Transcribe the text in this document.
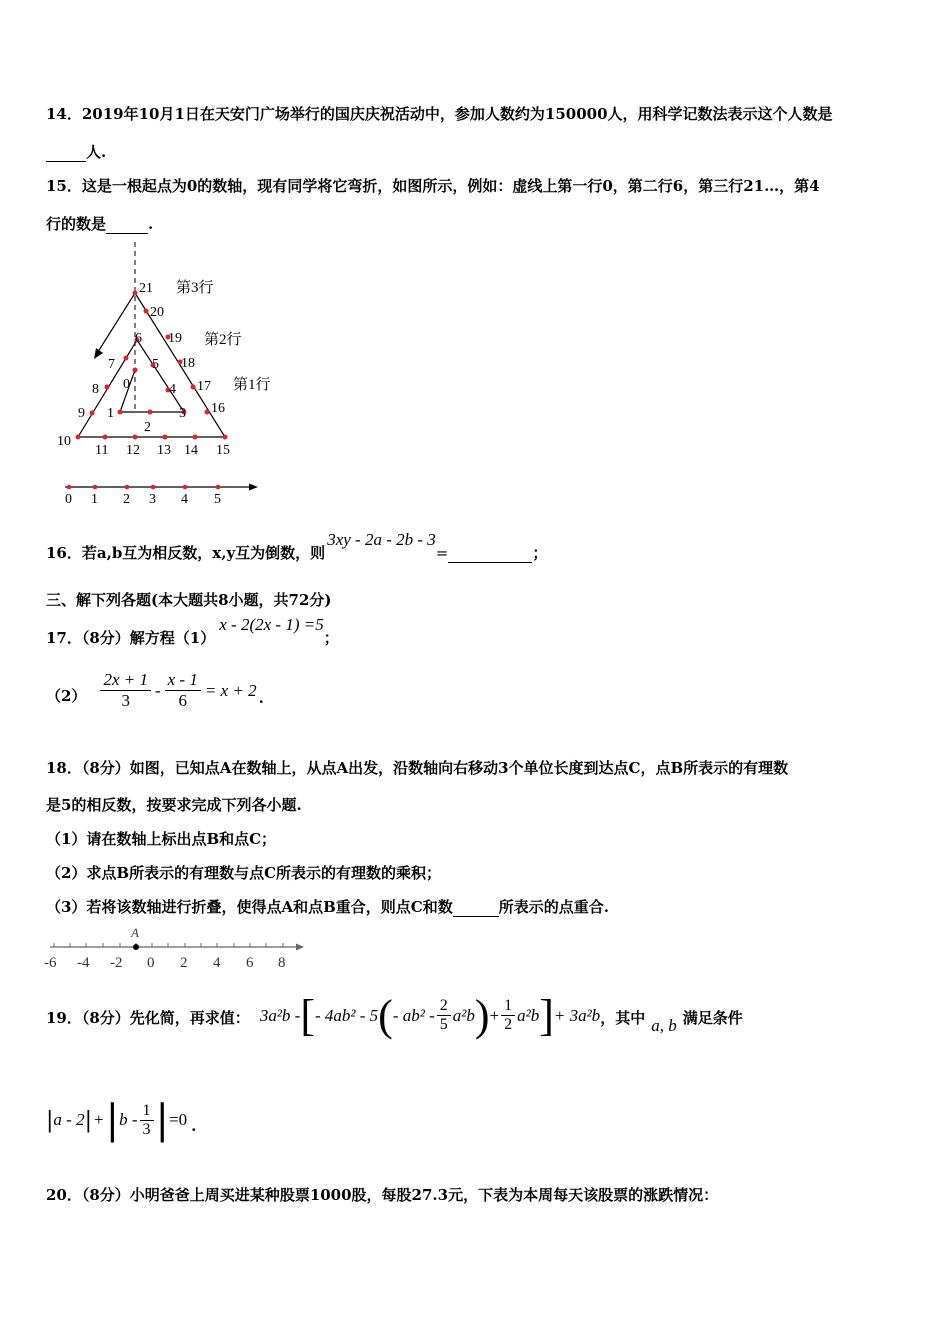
14．2019年10月1日在天安门广场举行的国庆庆祝活动中，参加人数约为150000人，用科学记数法表示这个人数是
人.
15．这是一根起点为0的数轴，现有同学将它弯折，如图所示，例如：虚线上第一行0，第二行6，第三行21…，第4
行的数是	.
21
20
6 19
18
7	5
0	4 17
8
9 1	3 16
2
10
11 12 13 14 15
第3行
第2行
第1行
0 1 2 3 4 5
16．若a,b互为相反数，x,y互为倒数，则3xy - 2a - 2b - 3=	；
三、解下列各题(本大题共8小题，共72分)
17．（8分）解方程（1）x - 2(2x - 1) =5；
$(2) \frac{2x + 1}{3} - \frac{x - 1}{6} = x + 2$ .
18．（8分）如图，已知点A在数轴上，从点A出发，沿数轴向右移动3个单位长度到达点C，点B所表示的有理数
是5的相反数，按要求完成下列各小题.
（1）请在数轴上标出点B和点C；
（2）求点B所表示的有理数与点C所表示的有理数的乘积；
（3）若将该数轴进行折叠，使得点A和点B重合，则点C和数	所表示的点重合.
A
-6 -4 -2 0 2 4 6 8
19．（8分）先化简，再求值： 3a²b - [ - 4ab² - 5 ( - $ab^2 - \frac{2}{5} a^2b$ ) + $\frac{1}{2} a^2b$ ] + 3a²b ，其中 a, b 满足条件
| a - 2 | + | b - $\frac{1}{3}$ | =0 .
20．（8分）小明爸爸上周买进某种股票1000股，每股27.3元，下表为本周每天该股票的涨跌情况：
